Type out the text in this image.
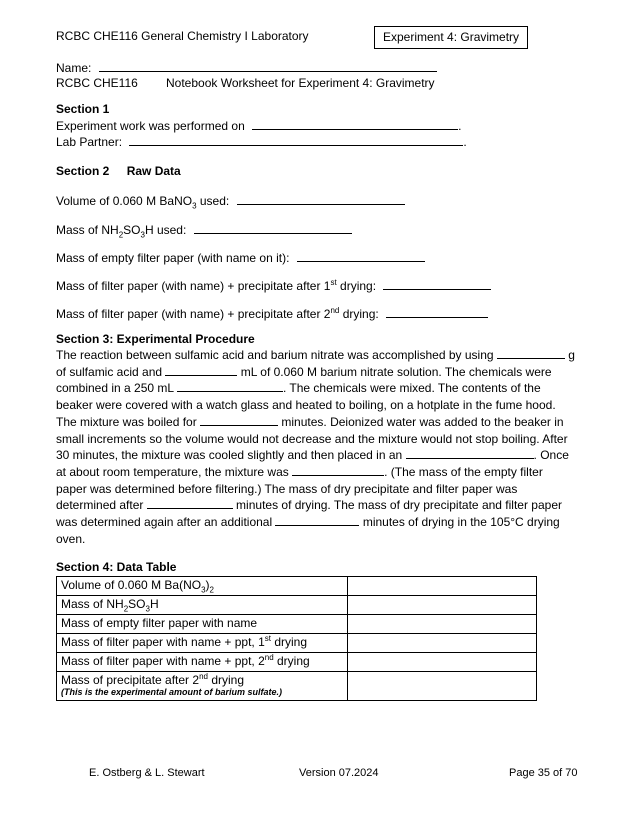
RCBC CHE116 General Chemistry I Laboratory	Experiment 4: Gravimetry
Name:
RCBC CHE116 Notebook Worksheet for Experiment 4: Gravimetry
Section 1
Experiment work was performed on	.
Lab Partner:	.
Section 2 Raw Data
Volume of 0.060 M BaNO$_3$ used:
Mass of $NH_2SO_3H$ used:
Mass of empty filter paper (with name on it):
Mass of filter paper (with name) + precipitate after 1st drying:
Mass of filter paper (with name) + precipitate after 2nd drying:
Section 3: Experimental Procedure
The reaction between sulfamic acid and barium nitrate was accomplished by using	g of sulfamic acid and	mL of 0.060 M barium nitrate solution. The chemicals were combined in a 250 mL	. The chemicals were mixed. The contents of the beaker were covered with a watch glass and heated to boiling, on a hotplate in the fume hood. The mixture was boiled for	minutes. Deionized water was added to the beaker in small increments so the volume would not decrease and the mixture would not stop boiling. After 30 minutes, the mixture was cooled slightly and then placed in an	. Once at about room temperature, the mixture was	. (The mass of the empty filter paper was determined before filtering.) The mass of dry precipitate and filter paper was determined after	minutes of drying. The mass of dry precipitate and filter paper was determined again after an additional	minutes of drying in the 105°C drying oven.
Section 4: Data Table
Volume of 0.060 M $Ba(NO_3)_2$	
Mass of $NH_2SO_3H$	
Mass of empty filter paper with name	
Mass of filter paper with name + ppt, 1st drying	
Mass of filter paper with name + ppt, 2nd drying	
Mass of precipitate after 2nd drying
(This is the experimental amount of barium sulfate.)	

E. Ostberg & L. Stewart	Version 07.2024	Page 35 of 70
